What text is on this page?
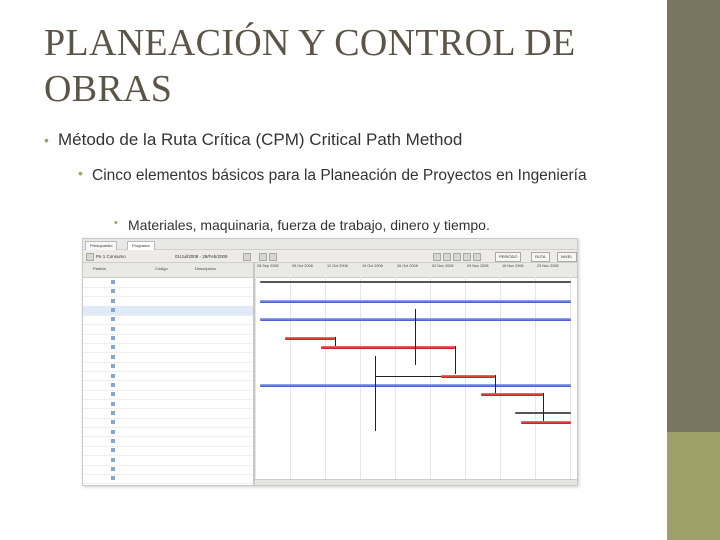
PLANEACIÓN Y CONTROL DE
OBRAS
• Método de la Ruta Crítica (CPM) Critical Path Method
• Cinco elementos básicos para la Planeación de Proyectos en Ingeniería
• Materiales, maquinaria, fuerza de trabajo, dinero y tiempo.
Presupuesto	Programa
Pe 1 Consumo	01/Jul/2008 - 28/Feb/2009	PERÍODO	RUTA	NIVEL
Partida	Código	Descripción	28 Sep 2008	05 Oct 2008	12 Oct 2008	19 Oct 2008	26 Oct 2008	02 Nov 2008	09 Nov 2008	16 Nov 2008	23 Nov 2008
